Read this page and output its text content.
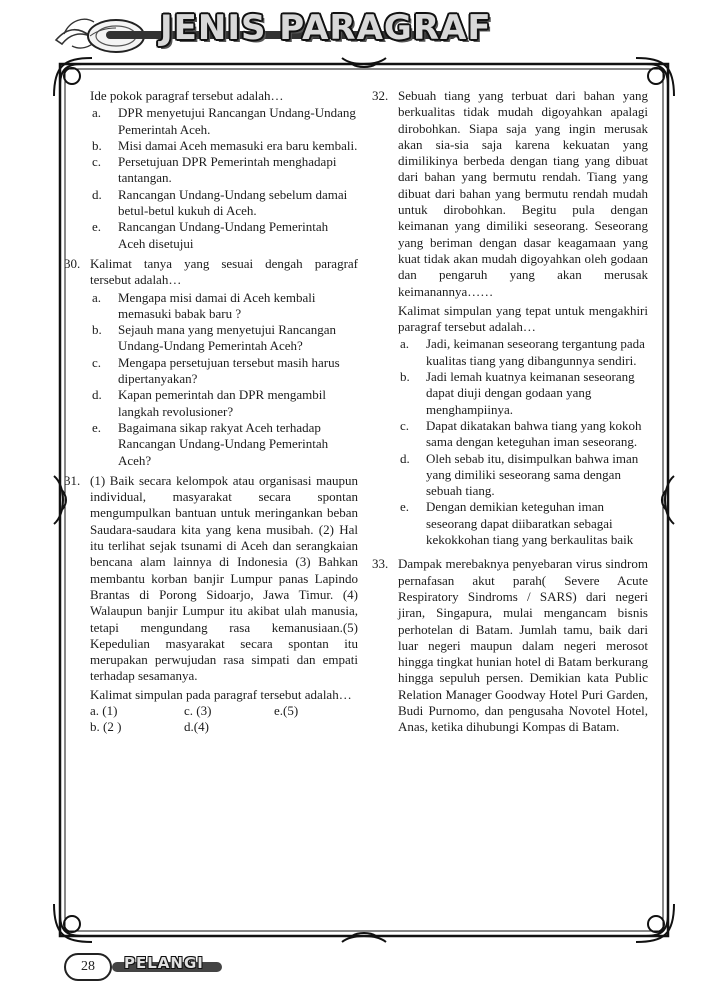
JENIS PARAGRAF
Ide pokok paragraf tersebut adalah…
a. DPR menyetujui Rancangan Undang-Undang Pemerintah Aceh.
b. Misi damai Aceh memasuki era baru kembali.
c. Persetujuan DPR Pemerintah menghadapi tantangan.
d. Rancangan Undang-Undang sebelum damai betul-betul kukuh di Aceh.
e. Rancangan Undang-Undang Pemerintah Aceh disetujui
30. Kalimat tanya yang sesuai dengah paragraf tersebut adalah…
a. Mengapa misi damai di Aceh kembali memasuki babak baru ?
b. Sejauh mana yang menyetujui Rancangan Undang-Undang Pemerintah Aceh?
c. Mengapa persetujuan tersebut masih harus dipertanyakan?
d. Kapan pemerintah dan DPR mengambil langkah revolusioner?
e. Bagaimana sikap rakyat Aceh terhadap Rancangan Undang-Undang Pemerintah Aceh?
31. (1) Baik secara kelompok atau organisasi maupun individual, masyarakat secara spontan mengumpulkan bantuan untuk meringankan beban Saudara-saudara kita yang kena musibah. (2) Hal itu terlihat sejak tsunami di Aceh dan serangkaian bencana alam lainnya di Indonesia (3) Bahkan membantu korban banjir Lumpur panas Lapindo Brantas di Porong Sidoarjo, Jawa Timur. (4) Walaupun banjir Lumpur itu akibat ulah manusia, tetapi mengundang rasa kemanusiaan.(5) Kepedulian masyarakat secara spontan itu merupakan perwujudan rasa simpati dan empati terhadap sesamanya.
Kalimat simpulan pada paragraf tersebut adalah…
a. (1)	c. (3)	e.(5)
b. (2 )	d.(4)
32. Sebuah tiang yang terbuat dari bahan yang berkualitas tidak mudah digoyahkan apalagi dirobohkan. Siapa saja yang ingin merusak akan sia-sia saja karena kekuatan yang dimilikinya berbeda dengan tiang yang dibuat dari bahan yang bermutu rendah. Tiang yang dibuat dari bahan yang bermutu rendah mudah untuk dirobohkan. Begitu pula dengan keimanan yang dimiliki seseorang. Seseorang yang beriman dengan dasar keagamaan yang kuat tidak akan mudah digoyahkan oleh godaan dan pengaruh yang akan merusak keimanannya……
Kalimat simpulan yang tepat untuk mengakhiri paragraf tersebut adalah…
a. Jadi, keimanan seseorang tergantung pada kualitas tiang yang dibangunnya sendiri.
b. Jadi lemah kuatnya keimanan seseorang dapat diuji dengan godaan yang menghampiinya.
c. Dapat dikatakan bahwa tiang yang kokoh sama dengan keteguhan iman seseorang.
d. Oleh sebab itu, disimpulkan bahwa iman yang dimiliki seseorang sama dengan sebuah tiang.
e. Dengan demikian keteguhan iman seseorang dapat diibaratkan sebagai kekokkohan tiang yang berkaulitas baik
33. Dampak merebaknya penyebaran virus sindrom pernafasan akut parah( Severe Acute Respiratory Sindroms / SARS) dari negeri jiran, Singapura, mulai mengancam bisnis perhotelan di Batam. Jumlah tamu, baik dari luar negeri maupun dalam negeri merosot hingga tingkat hunian hotel di Batam berkurang hingga sepuluh persen. Demikian kata Public Relation Manager Goodway Hotel Puri Garden, Budi Purnomo, dan pengusaha Novotel Hotel, Anas, ketika dihubungi Kompas di Batam.
28	PELANGI
